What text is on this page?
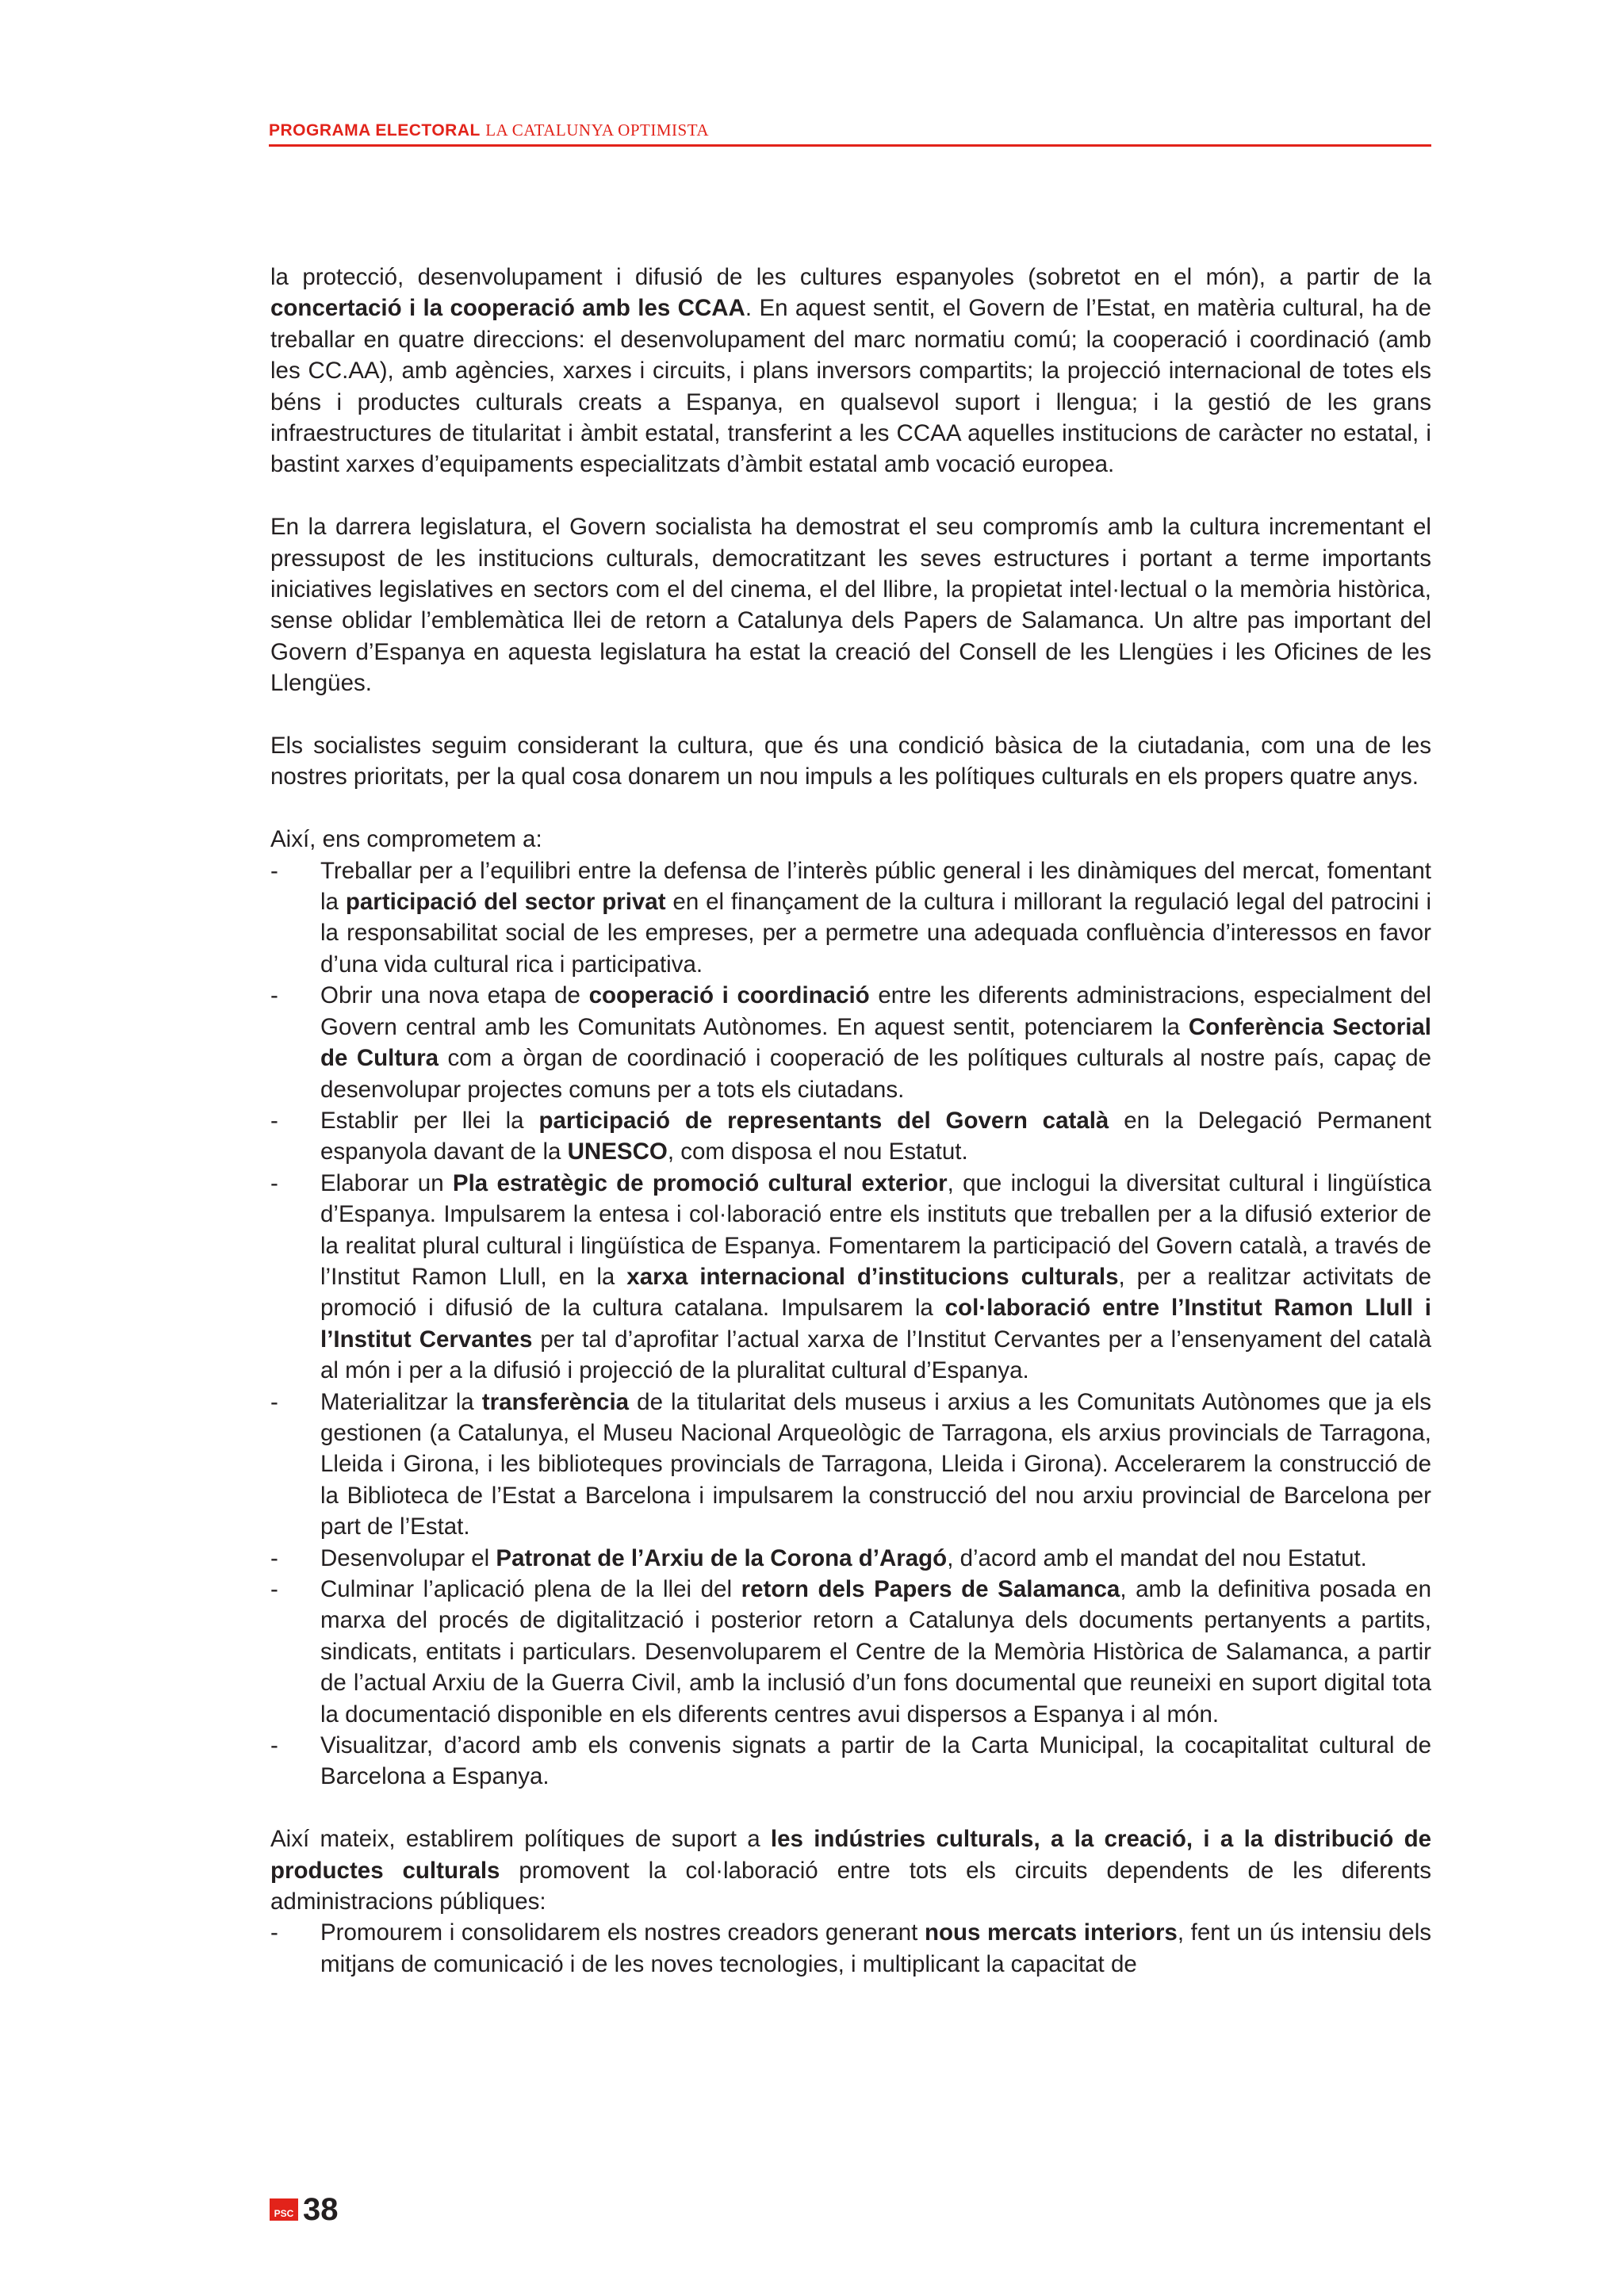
PROGRAMA ELECTORAL LA CATALUNYA OPTIMISTA

la protecció, desenvolupament i difusió de les cultures espanyoles (sobretot en el món), a partir de la concertació i la cooperació amb les CCAA. En aquest sentit, el Govern de l’Estat, en matèria cultural, ha de treballar en quatre direccions: el desenvolupament del marc normatiu comú; la cooperació i coordinació (amb les CC.AA), amb agències, xarxes i circuits, i plans inversors compartits; la projecció internacional de totes els béns i productes culturals creats a Espanya, en qualsevol suport i llengua; i la gestió de les grans infraestructures de titularitat i àmbit estatal, transferint a les CCAA aquelles institucions de caràcter no estatal, i bastint xarxes d’equipaments especialitzats d’àmbit estatal amb vocació europea.

En la darrera legislatura, el Govern socialista ha demostrat el seu compromís amb la cultura incrementant el pressupost de les institucions culturals, democratitzant les seves estructures i portant a terme importants iniciatives legislatives en sectors com el del cinema, el del llibre, la propietat intel·lectual o la memòria històrica, sense oblidar l’emblemàtica llei de retorn a Catalunya dels Papers de Salamanca. Un altre pas important del Govern d’Espanya en aquesta legislatura ha estat la creació del Consell de les Llengües i les Oficines de les Llengües.

Els socialistes seguim considerant la cultura, que és una condició bàsica de la ciutadania, com una de les nostres prioritats, per la qual cosa donarem un nou impuls a les polítiques culturals en els propers quatre anys.

Així, ens comprometem a:

- Treballar per a l’equilibri entre la defensa de l’interès públic general i les dinàmiques del mercat, fomentant la participació del sector privat en el finançament de la cultura i millorant la regulació legal del patrocini i la responsabilitat social de les empreses, per a permetre una adequada confluència d’interessos en favor d’una vida cultural rica i participativa.
- Obrir una nova etapa de cooperació i coordinació entre les diferents administracions, especialment del Govern central amb les Comunitats Autònomes. En aquest sentit, potenciarem la Conferència Sectorial de Cultura com a òrgan de coordinació i cooperació de les polítiques culturals al nostre país, capaç de desenvolupar projectes comuns per a tots els ciutadans.
- Establir per llei la participació de representants del Govern català en la Delegació Permanent espanyola davant de la UNESCO, com disposa el nou Estatut.
- Elaborar un Pla estratègic de promoció cultural exterior, que inclogui la diversitat cultural i lingüística d’Espanya. Impulsarem la entesa i col·laboració entre els instituts que treballen per a la difusió exterior de la realitat plural cultural i lingüística de Espanya. Fomentarem la participació del Govern català, a través de l’Institut Ramon Llull, en la xarxa internacional d’institucions culturals, per a realitzar activitats de promoció i difusió de la cultura catalana. Impulsarem la col·laboració entre l’Institut Ramon Llull i l’Institut Cervantes per tal d’aprofitar l’actual xarxa de l’Institut Cervantes per a l’ensenyament del català al món i per a la difusió i projecció de la pluralitat cultural d’Espanya.
- Materialitzar la transferència de la titularitat dels museus i arxius a les Comunitats Autònomes que ja els gestionen (a Catalunya, el Museu Nacional Arqueològic de Tarragona, els arxius provincials de Tarragona, Lleida i Girona, i les biblioteques provincials de Tarragona, Lleida i Girona). Accelerarem la construcció de la Biblioteca de l’Estat a Barcelona i impulsarem la construcció del nou arxiu provincial de Barcelona per part de l’Estat.
- Desenvolupar el Patronat de l’Arxiu de la Corona d’Aragó, d’acord amb el mandat del nou Estatut.
- Culminar l’aplicació plena de la llei del retorn dels Papers de Salamanca, amb la definitiva posada en marxa del procés de digitalització i posterior retorn a Catalunya dels documents pertanyents a partits, sindicats, entitats i particulars. Desenvoluparem el Centre de la Memòria Històrica de Salamanca, a partir de l’actual Arxiu de la Guerra Civil, amb la inclusió d’un fons documental que reuneixi en suport digital tota la documentació disponible en els diferents centres avui dispersos a Espanya i al món.
- Visualitzar, d’acord amb els convenis signats a partir de la Carta Municipal, la cocapitalitat cultural de Barcelona a Espanya.

Així mateix, establirem polítiques de suport a les indústries culturals, a la creació, i a la distribució de productes culturals promovent la col·laboració entre tots els circuits dependents de les diferents administracions públiques:

- Promourem i consolidarem els nostres creadors generant nous mercats interiors, fent un ús intensiu dels mitjans de comunicació i de les noves tecnologies, i multiplicant la capacitat de
PSC 38
